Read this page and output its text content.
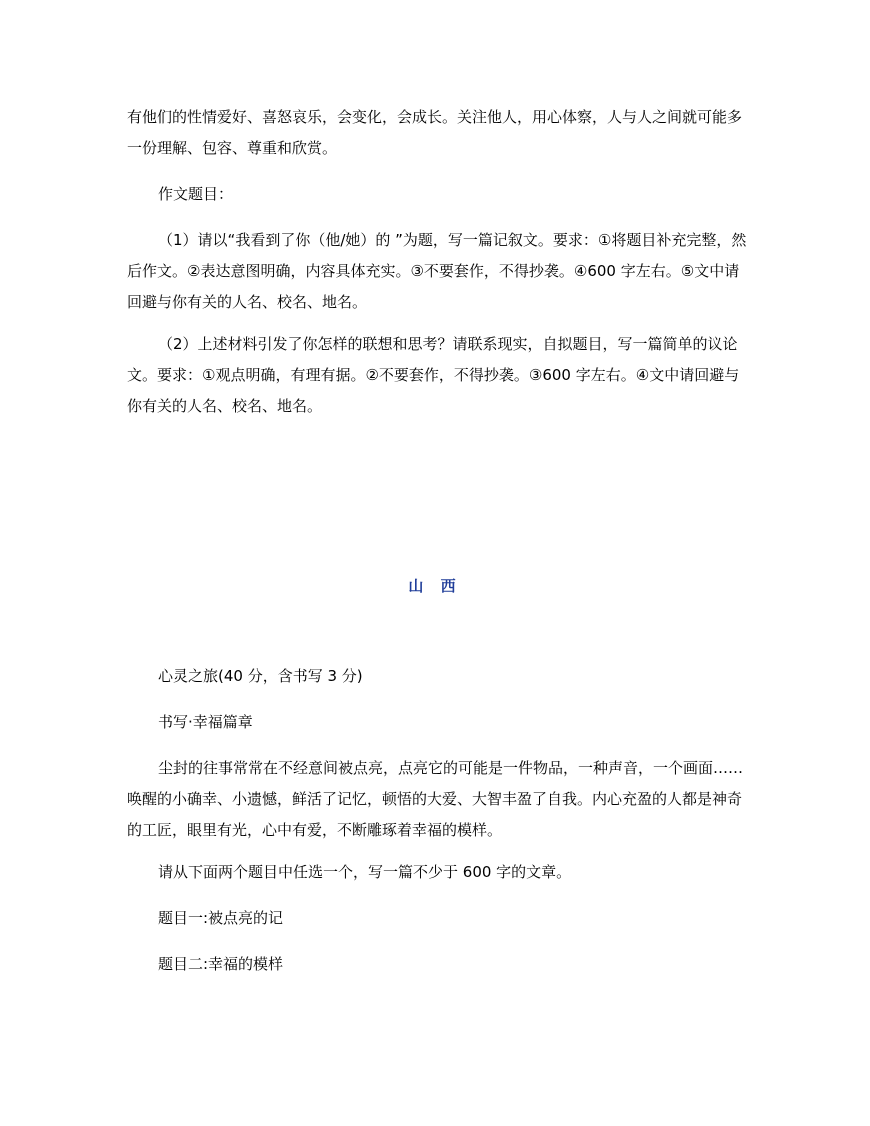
有他们的性情爱好、喜怒哀乐，会变化，会成长。关注他人，用心体察，人与人之间就可能多一份理解、包容、尊重和欣赏。

作文题目：

（1）请以“我看到了你（他/她）的 ”为题，写一篇记叙文。要求：①将题目补充完整，然后作文。②表达意图明确，内容具体充实。③不要套作，不得抄袭。④600 字左右。⑤文中请回避与你有关的人名、校名、地名。

（2）上述材料引发了你怎样的联想和思考？请联系现实，自拟题目，写一篇简单的议论文。要求：①观点明确，有理有据。②不要套作，不得抄袭。③600 字左右。④文中请回避与你有关的人名、校名、地名。

山 西

心灵之旅(40 分，含书写 3 分)

书写·幸福篇章

尘封的往事常常在不经意间被点亮，点亮它的可能是一件物品，一种声音，一个画面……唤醒的小确幸、小遗憾，鲜活了记忆，顿悟的大爱、大智丰盈了自我。内心充盈的人都是神奇的工匠，眼里有光，心中有爱，不断雕琢着幸福的模样。

请从下面两个题目中任选一个，写一篇不少于 600 字的文章。

题目一:被点亮的记

题目二:幸福的模样
